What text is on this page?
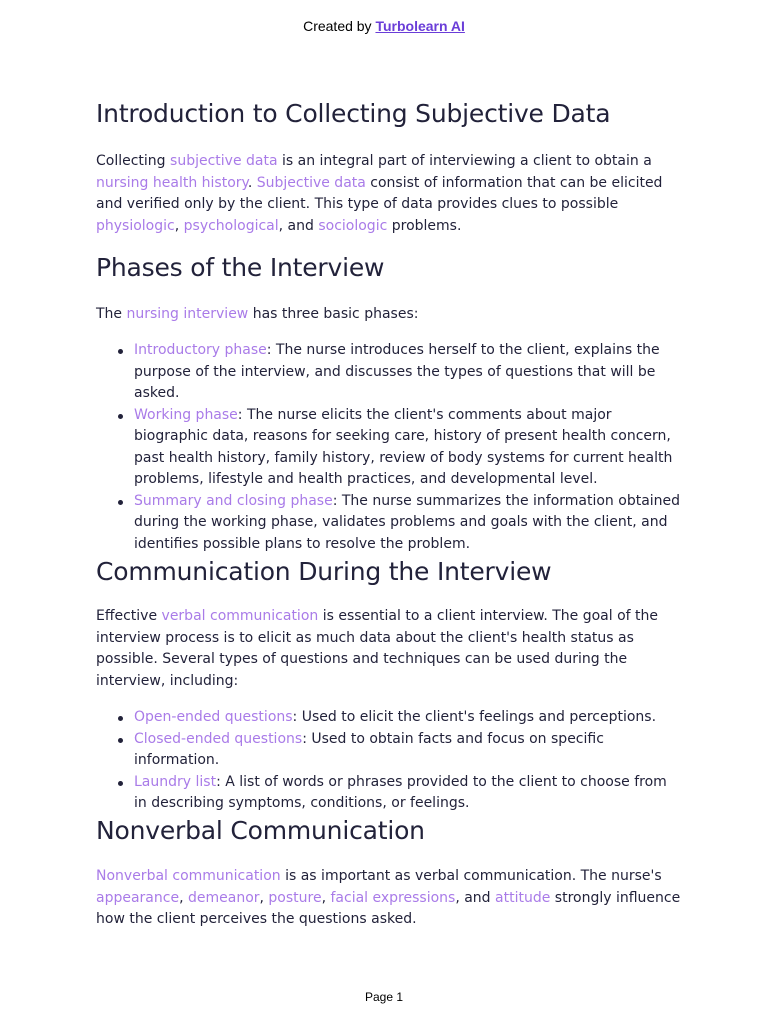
Created by Turbolearn AI
Introduction to Collecting Subjective Data

Collecting subjective data is an integral part of interviewing a client to obtain a nursing health history. Subjective data consist of information that can be elicited and verified only by the client. This type of data provides clues to possible physiologic, psychological, and sociologic problems.

Phases of the Interview

The nursing interview has three basic phases:

Introductory phase: The nurse introduces herself to the client, explains the purpose of the interview, and discusses the types of questions that will be asked.
Working phase: The nurse elicits the client's comments about major biographic data, reasons for seeking care, history of present health concern, past health history, family history, review of body systems for current health problems, lifestyle and health practices, and developmental level.
Summary and closing phase: The nurse summarizes the information obtained during the working phase, validates problems and goals with the client, and identifies possible plans to resolve the problem.
Communication During the Interview

Effective verbal communication is essential to a client interview. The goal of the interview process is to elicit as much data about the client's health status as possible. Several types of questions and techniques can be used during the interview, including:

Open-ended questions: Used to elicit the client's feelings and perceptions.
Closed-ended questions: Used to obtain facts and focus on specific information.
Laundry list: A list of words or phrases provided to the client to choose from in describing symptoms, conditions, or feelings.
Nonverbal Communication

Nonverbal communication is as important as verbal communication. The nurse's appearance, demeanor, posture, facial expressions, and attitude strongly influence how the client perceives the questions asked.

Page 1
